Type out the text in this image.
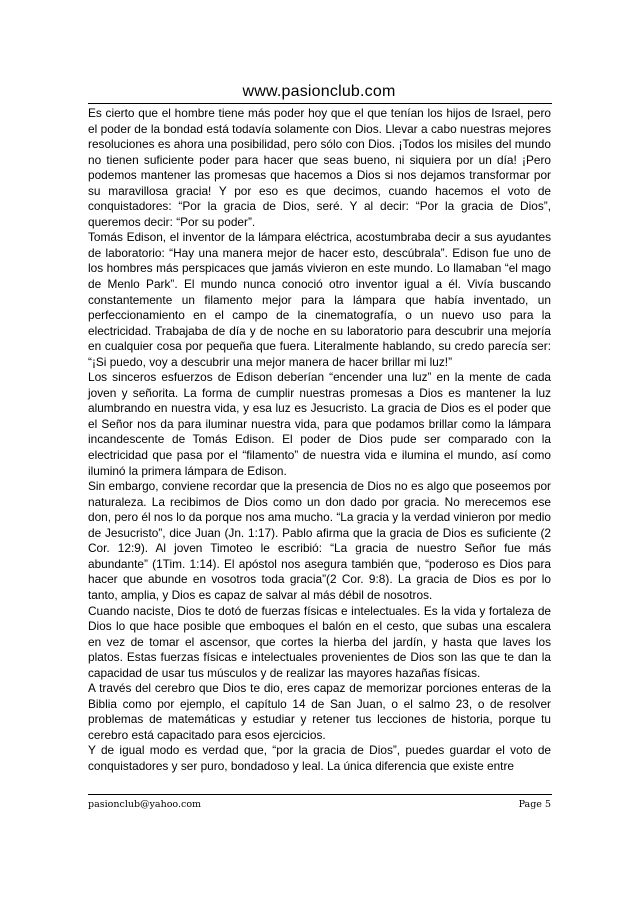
www.pasionclub.com

Es cierto que el hombre tiene más poder hoy que el que tenían los hijos de Israel, pero el poder de la bondad está todavía solamente con Dios. Llevar a cabo nuestras mejores resoluciones es ahora una posibilidad, pero sólo con Dios. ¡Todos los misiles del mundo no tienen suficiente poder para hacer que seas bueno, ni siquiera por un día! ¡Pero podemos mantener las promesas que hacemos a Dios si nos dejamos transformar por su maravillosa gracia! Y por eso es que decimos, cuando hacemos el voto de conquistadores: “Por la gracia de Dios, seré. Y al decir: “Por la gracia de Dios”, queremos decir: “Por su poder”.

Tomás Edison, el inventor de la lámpara eléctrica, acostumbraba decir a sus ayudantes de laboratorio: “Hay una manera mejor de hacer esto, descúbrala”. Edison fue uno de los hombres más perspicaces que jamás vivieron en este mundo. Lo llamaban “el mago de Menlo Park”. El mundo nunca conoció otro inventor igual a él. Vivía buscando constantemente un filamento mejor para la lámpara que había inventado, un perfeccionamiento en el campo de la cinematografía, o un nuevo uso para la electricidad. Trabajaba de día y de noche en su laboratorio para descubrir una mejoría en cualquier cosa por pequeña que fuera. Literalmente hablando, su credo parecía ser: “¡Si puedo, voy a descubrir una mejor manera de hacer brillar mi luz!”

Los sinceros esfuerzos de Edison deberían “encender una luz” en la mente de cada joven y señorita. La forma de cumplir nuestras promesas a Dios es mantener la luz alumbrando en nuestra vida, y esa luz es Jesucristo. La gracia de Dios es el poder que el Señor nos da para iluminar nuestra vida, para que podamos brillar como la lámpara incandescente de Tomás Edison. El poder de Dios pude ser comparado con la electricidad que pasa por el “filamento” de nuestra vida e ilumina el mundo, así como iluminó la primera lámpara de Edison.

Sin embargo, conviene recordar que la presencia de Dios no es algo que poseemos por naturaleza. La recibimos de Dios como un don dado por gracia. No merecemos ese don, pero él nos lo da porque nos ama mucho. “La gracia y la verdad vinieron por medio de Jesucristo”, dice Juan (Jn. 1:17). Pablo afirma que la gracia de Dios es suficiente (2 Cor. 12:9). Al joven Timoteo le escribió: “La gracia de nuestro Señor fue más abundante” (1Tim. 1:14). El apóstol nos asegura también que, “poderoso es Dios para hacer que abunde en vosotros toda gracia”(2 Cor. 9:8). La gracia de Dios es por lo tanto, amplia, y Dios es capaz de salvar al más débil de nosotros.

Cuando naciste, Dios te dotó de fuerzas físicas e intelectuales. Es la vida y fortaleza de Dios lo que hace posible que emboques el balón en el cesto, que subas una escalera en vez de tomar el ascensor, que cortes la hierba del jardín, y hasta que laves los platos. Estas fuerzas físicas e intelectuales provenientes de Dios son las que te dan la capacidad de usar tus músculos y de realizar las mayores hazañas físicas.

A través del cerebro que Dios te dio, eres capaz de memorizar porciones enteras de la Biblia como por ejemplo, el capítulo 14 de San Juan, o el salmo 23, o de resolver problemas de matemáticas y estudiar y retener tus lecciones de historia, porque tu cerebro está capacitado para esos ejercicios.

Y de igual modo es verdad que, “por la gracia de Dios”, puedes guardar el voto de conquistadores y ser puro, bondadoso y leal. La única diferencia que existe entre

pasionclub@yahoo.com	Page 5
